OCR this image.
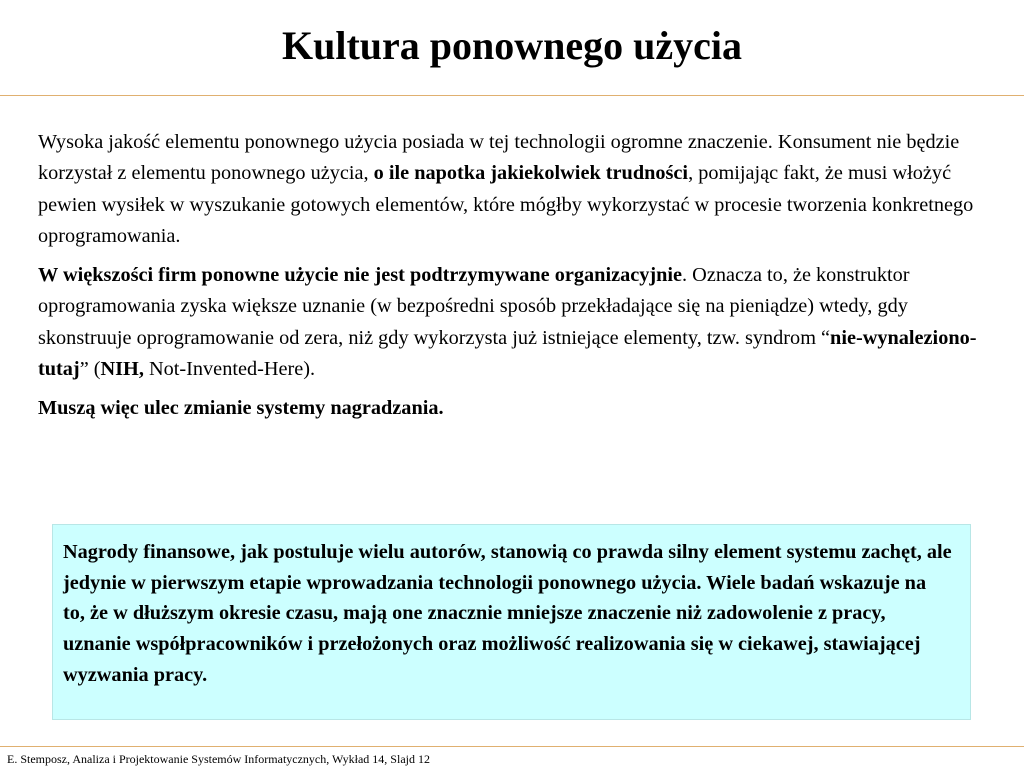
Kultura ponownego użycia

Wysoka jakość elementu ponownego użycia posiada w tej technologii ogromne znaczenie. Konsument nie będzie korzystał z elementu ponownego użycia, o ile napotka jakiekolwiek trudności, pomijając fakt, że musi włożyć pewien wysiłek w wyszukanie gotowych elementów, które mógłby wykorzystać w procesie tworzenia konkretnego oprogramowania.

W większości firm ponowne użycie nie jest podtrzymywane organizacyjnie. Oznacza to, że konstruktor oprogramowania zyska większe uznanie (w bezpośredni sposób przekładające się na pieniądze) wtedy, gdy skonstruuje oprogramowanie od zera, niż gdy wykorzysta już istniejące elementy, tzw. syndrom “nie-wynaleziono-tutaj” (NIH, Not-Invented-Here).

Muszą więc ulec zmianie systemy nagradzania.

Nagrody finansowe, jak postuluje wielu autorów, stanowią co prawda silny element systemu zachęt, ale jedynie w pierwszym etapie wprowadzania technologii ponownego użycia. Wiele badań wskazuje na to, że w dłuższym okresie czasu, mają one znacznie mniejsze znaczenie niż zadowolenie z pracy, uznanie współpracowników i przełożonych oraz możliwość realizowania się w ciekawej, stawiającej wyzwania pracy.
E. Stemposz, Analiza i Projektowanie Systemów Informatycznych, Wykład 14, Slajd 12
